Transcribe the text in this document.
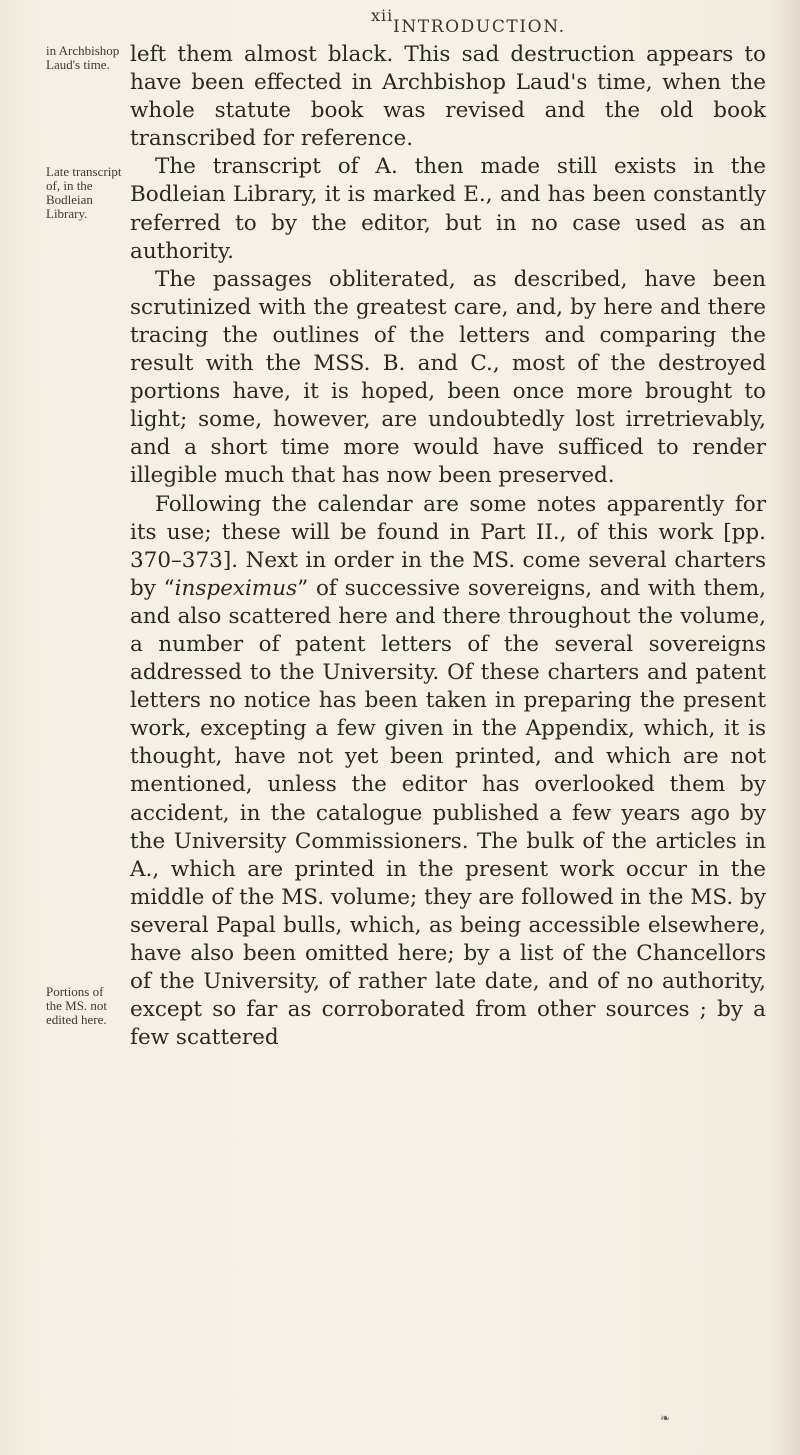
xii
INTRODUCTION.
in Archbishop Laud's time.
Late transcript of, in the Bodleian Library.
Portions of the MS. not edited here.

left them almost black. This sad destruction appears to have been effected in Archbishop Laud's time, when the whole statute book was revised and the old book transcribed for reference.

The transcript of A. then made still exists in the Bodleian Library, it is marked E., and has been constantly referred to by the editor, but in no case used as an authority.

The passages obliterated, as described, have been scrutinized with the greatest care, and, by here and there tracing the outlines of the letters and comparing the result with the MSS. B. and C., most of the destroyed portions have, it is hoped, been once more brought to light; some, however, are undoubtedly lost irretrievably, and a short time more would have sufficed to render illegible much that has now been preserved.

Following the calendar are some notes apparently for its use; these will be found in Part II., of this work [pp. 370–373]. Next in order in the MS. come several charters by “inspeximus” of successive sovereigns, and with them, and also scattered here and there throughout the volume, a number of patent letters of the several sovereigns addressed to the University. Of these charters and patent letters no notice has been taken in preparing the present work, excepting a few given in the Appendix, which, it is thought, have not yet been printed, and which are not mentioned, unless the editor has overlooked them by accident, in the catalogue published a few years ago by the University Commissioners. The bulk of the articles in A., which are printed in the present work occur in the middle of the MS. volume; they are followed in the MS. by several Papal bulls, which, as being accessible elsewhere, have also been omitted here; by a list of the Chancellors of the University, of rather late date, and of no authority, except so far as corroborated from other sources ; by a few scattered

❧
